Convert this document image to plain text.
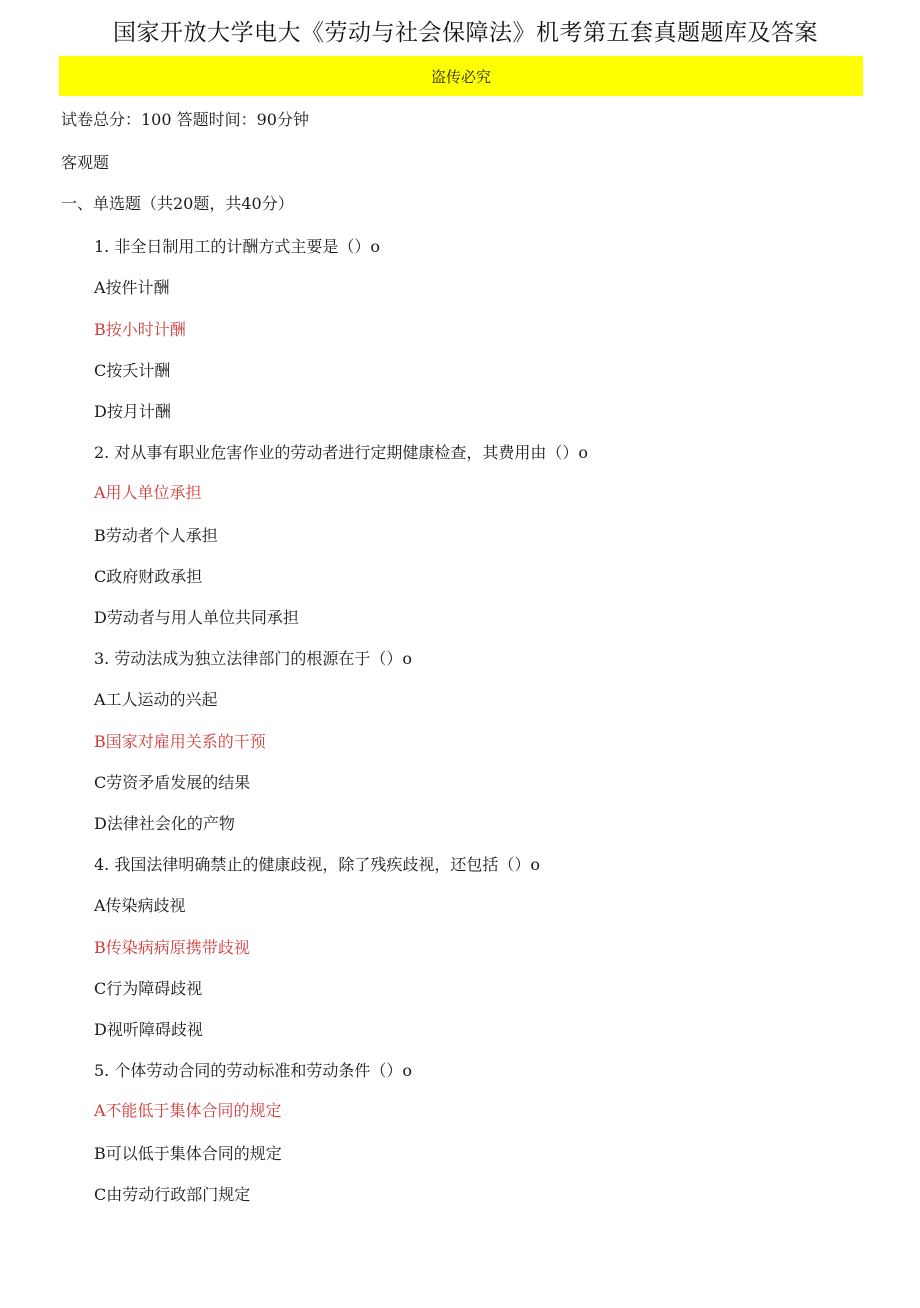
国家开放大学电大《劳动与社会保障法》机考第五套真题题库及答案
盗传必究
试卷总分：100 答题时间：90分钟
客观题
一、单选题（共20题，共40分）
1. 非全日制用工的计酬方式主要是（）o
A按件计酬
B按小时计酬
C按夭计酬
D按月计酬
2. 对从事有职业危害作业的劳动者进行定期健康检查，其费用由（）o
A用人单位承担
B劳动者个人承担
C政府财政承担
D劳动者与用人单位共同承担
3. 劳动法成为独立法律部门的根源在于（）o
A工人运动的兴起
B国家对雇用关系的干预
C劳资矛盾发展的结果
D法律社会化的产物
4. 我国法律明确禁止的健康歧视，除了残疾歧视，还包括（）o
A传染病歧视
B传染病病原携带歧视
C行为障碍歧视
D视听障碍歧视
5. 个体劳动合同的劳动标准和劳动条件（）o
A不能低于集体合同的规定
B可以低于集体合同的规定
C由劳动行政部门规定
